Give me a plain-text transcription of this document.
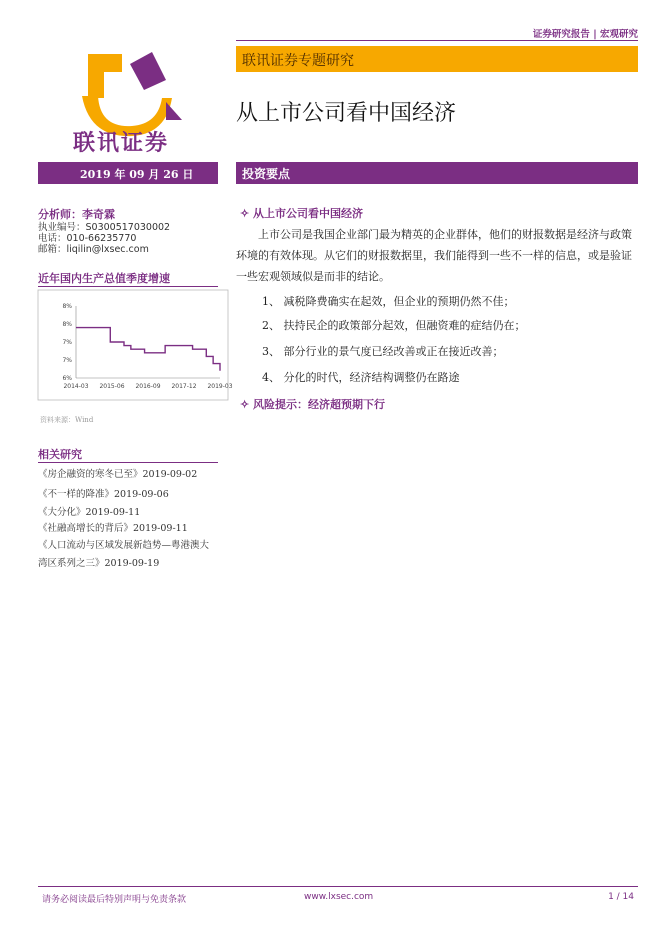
证券研究报告 | 宏观研究
联讯证券
联讯证券专题研究
从上市公司看中国经济
2019 年 09 月 26 日	投资要点
分析师：李奇霖
执业编号：S0300517030002
电话：010-66235770
邮箱：liqilin@lxsec.com
近年国内生产总值季度增速
6%
7%
7%
8%
8%
2014-03 2015-06 2016-09 2017-12 2019-03
资料来源：Wind
相关研究
《房企融资的寒冬已至》2019-09-02
《不一样的降准》2019-09-06
《大分化》2019-09-11
《社融高增长的背后》2019-09-11
《人口流动与区域发展新趋势—粤港澳大
湾区系列之三》2019-09-19
✧ 从上市公司看中国经济
上市公司是我国企业部门最为精英的企业群体，他们的财报数据是经济与政策环境的有效体现。从它们的财报数据里，我们能得到一些不一样的信息，或是验证一些宏观领域似是而非的结论。
1、 减税降费确实在起效，但企业的预期仍然不佳；
2、 扶持民企的政策部分起效，但融资难的症结仍在；
3、 部分行业的景气度已经改善或正在接近改善；
4、 分化的时代，经济结构调整仍在路途
✧ 风险提示：经济超预期下行
请务必阅读最后特别声明与免责条款	www.lxsec.com	1 / 14
